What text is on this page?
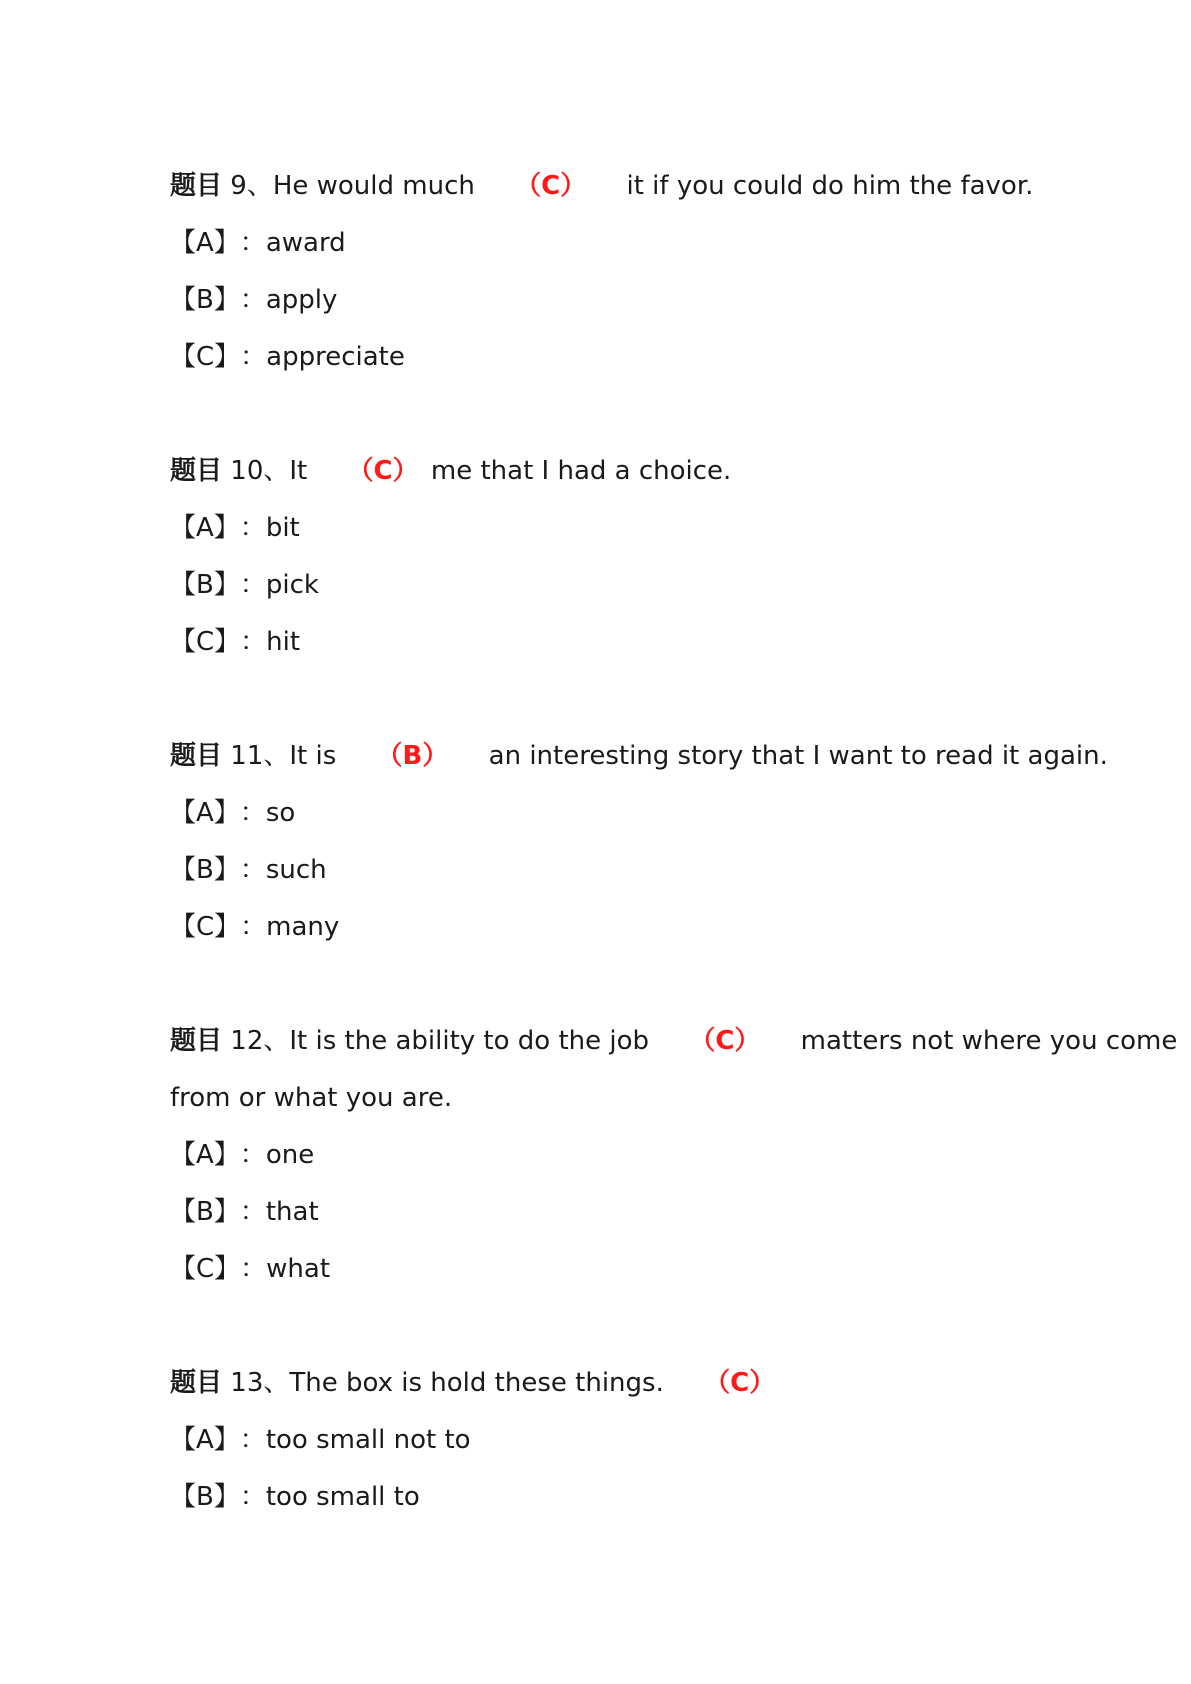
题目 9、He would much （C） it if you could do him the favor.
【A】：award
【B】：apply
【C】：appreciate
题目 10、It （C） me that I had a choice.
【A】：bit
【B】：pick
【C】：hit
题目 11、It is （B） an interesting story that I want to read it again.
【A】：so
【B】：such
【C】：many
题目 12、It is the ability to do the job （C） matters not where you come
from or what you are.
【A】：one
【B】：that
【C】：what
题目 13、The box is hold these things. （C）
【A】：too small not to
【B】：too small to
